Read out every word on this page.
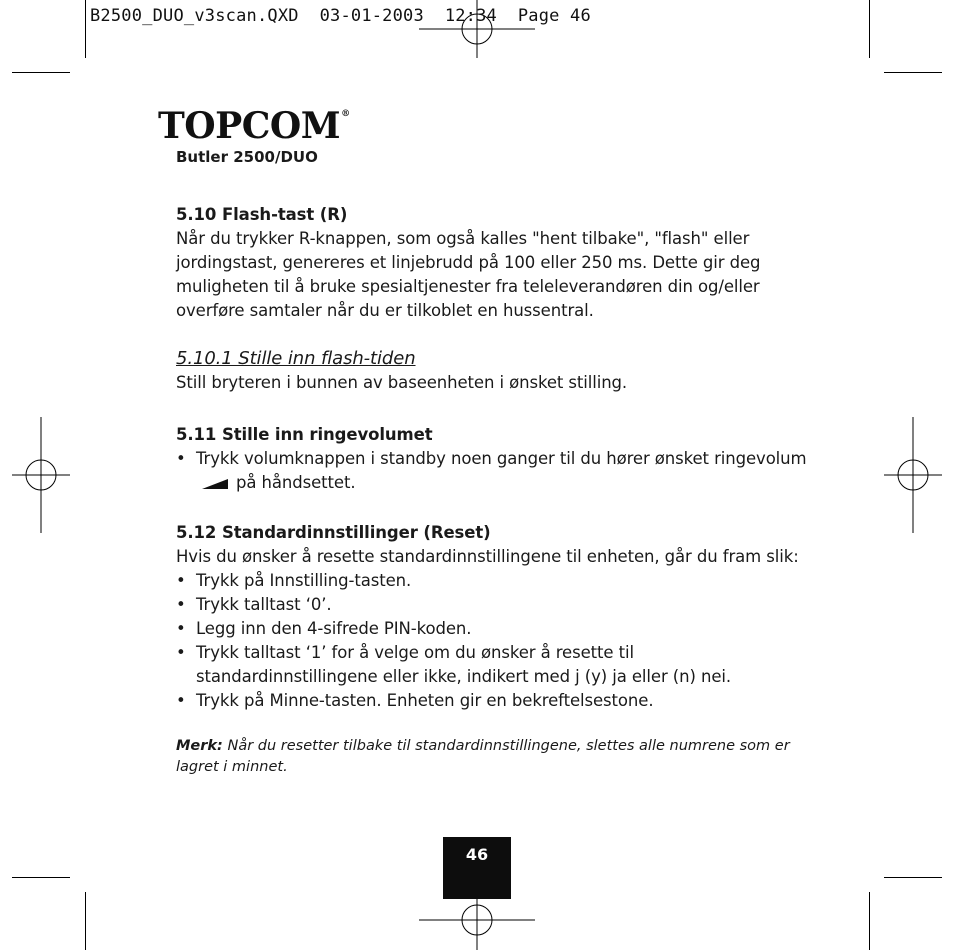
B2500_DUO_v3scan.QXD 03-01-2003 12:34 Page 46
TOPCOM®
Butler 2500/DUO

5.10 Flash-tast (R)

Når du trykker R-knappen, som også kalles "hent tilbake", "flash" eller jordingstast, genereres et linjebrudd på 100 eller 250 ms. Dette gir deg muligheten til å bruke spesialtjenester fra teleleverandøren din og/eller overføre samtaler når du er tilkoblet en hussentral.

5.10.1 Stille inn flash-tiden

Still bryteren i bunnen av baseenheten i ønsket stilling.

5.11 Stille inn ringevolumet

• Trykk volumknappen i standby noen ganger til du hører ønsket ringevolumpå håndsettet.

5.12 Standardinnstillinger (Reset)

Hvis du ønsker å resette standardinnstillingene til enheten, går du fram slik:

• Trykk på Innstilling-tasten.
• Trykk talltast ‘0’.
• Legg inn den 4-sifrede PIN-koden.
• Trykk talltast ‘1’ for å velge om du ønsker å resette til standardinnstillingene eller ikke, indikert med j (y) ja eller (n) nei.
• Trykk på Minne-tasten. Enheten gir en bekreftelsestone.
Merk: Når du resetter tilbake til standardinnstillingene, slettes alle numrene som er lagret i minnet.
46
